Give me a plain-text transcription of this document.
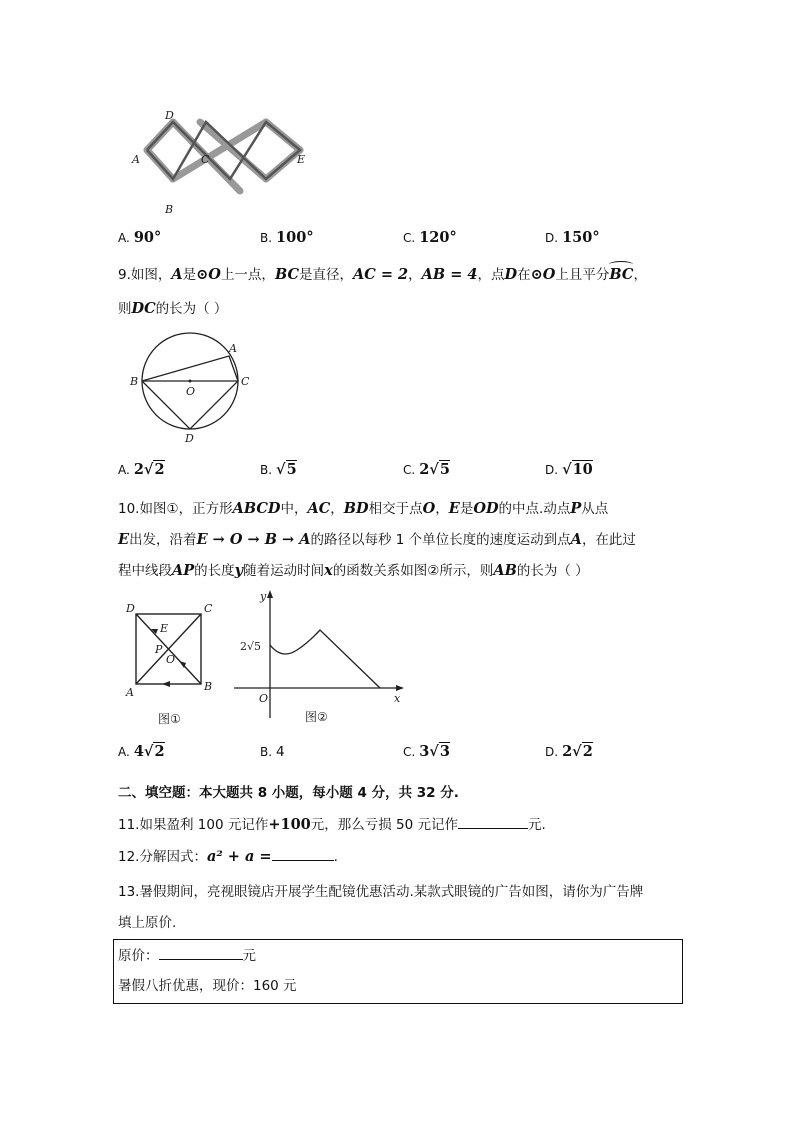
D
A	C	E
B
A. 90°	B. 100°	C. 120°	D. 150°
9.如图，A是⊙O上一点，BC是直径，AC = 2，AB = 4，点D在⊙O上且平分BC，
则DC的长为（ ）
A
B	C
O
D
10.如图①，正方形ABCD中，AC，BD相交于点O，E是OD的中点.动点P从点
E出发，沿着E → O → B → A的路径以每秒 1 个单位长度的速度运动到点A，在此过
程中线段AP的长度y随着运动时间x的函数关系如图②所示，则AB的长为（ ）
D	C
E
P
O
A	B
图①
y
x
O
2√5
图②
二、填空题：本大题共 8 小题，每小题 4 分，共 32 分.
11.如果盈利 100 元记作+100元，那么亏损 50 元记作	元.
12.分解因式：a² + a =	.
13.暑假期间，亮视眼镜店开展学生配镜优惠活动.某款式眼镜的广告如图，请你为广告牌
填上原价.
原价：	元
暑假八折优惠，现价：160 元
A. 2√2	B. √5	C. 2√5	D. √10
A. 4√2	B. 4	C. 3√3	D. 2√2
